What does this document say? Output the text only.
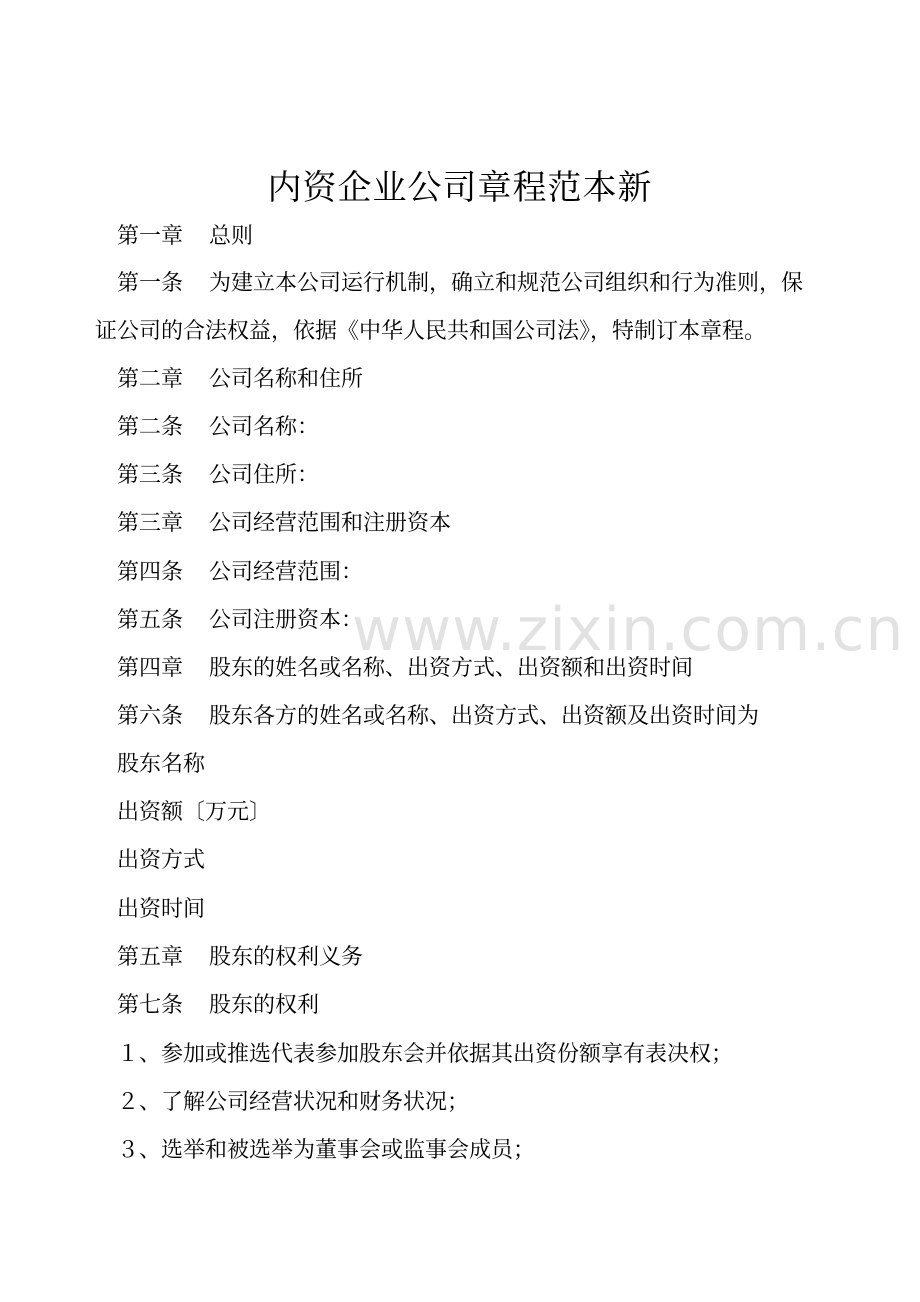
内资企业公司章程范本新

第一章 总则

第一条 为建立本公司运行机制，确立和规范公司组织和行为准则，保

证公司的合法权益，依据《中华人民共和国公司法》，特制订本章程。

第二章 公司名称和住所

第二条 公司名称：

第三条 公司住所：

第三章 公司经营范围和注册资本

第四条 公司经营范围：

第五条 公司注册资本：

第四章 股东的姓名或名称、出资方式、出资额和出资时间

第六条 股东各方的姓名或名称、出资方式、出资额及出资时间为

股东名称

出资额〔万元〕

出资方式

出资时间

第五章 股东的权利义务

第七条 股东的权利

１、参加或推选代表参加股东会并依据其出资份额享有表决权；

２、了解公司经营状况和财务状况；

３、选举和被选举为董事会或监事会成员；

www.zixin.com.cn
